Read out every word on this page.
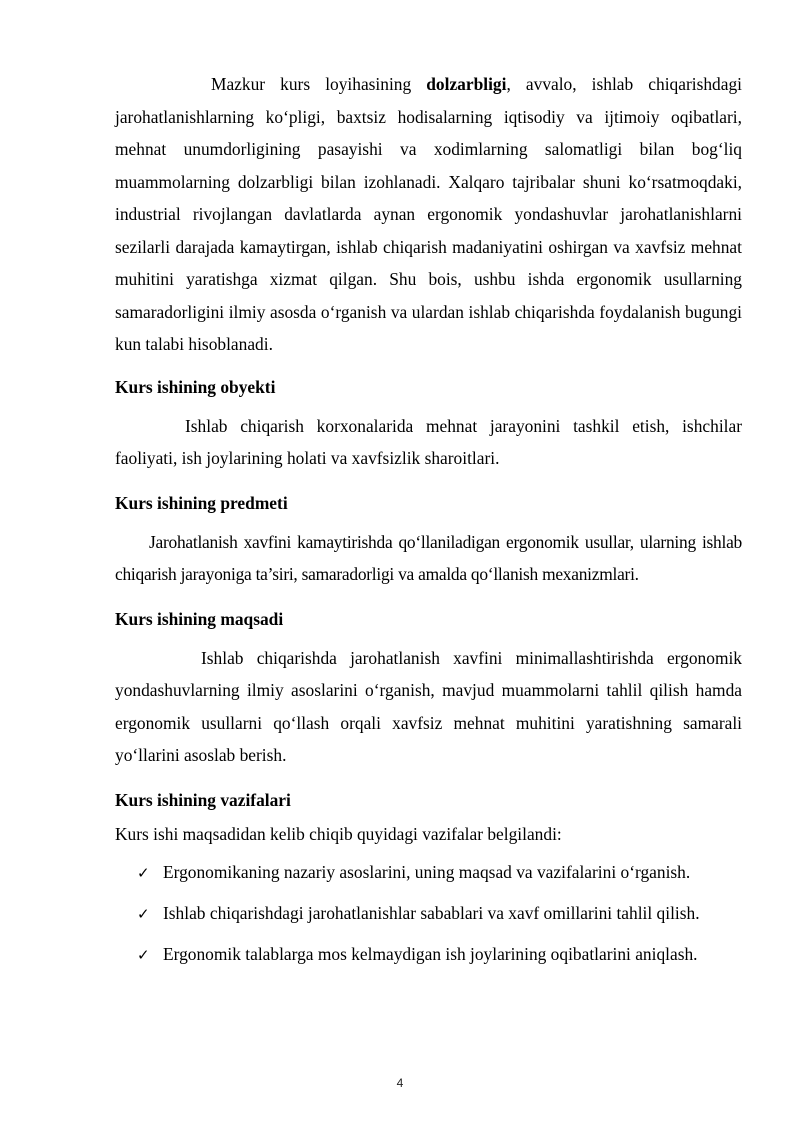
Mazkur kurs loyihasining dolzarbligi, avvalo, ishlab chiqarishdagi jarohatlanishlarning koʻpligi, baxtsiz hodisalarning iqtisodiy va ijtimoiy oqibatlari, mehnat unumdorligining pasayishi va xodimlarning salomatligi bilan bogʻliq muammolarning dolzarbligi bilan izohlanadi. Xalqaro tajribalar shuni koʻrsatmoqdaki, industrial rivojlangan davlatlarda aynan ergonomik yondashuvlar jarohatlanishlarni sezilarli darajada kamaytirgan, ishlab chiqarish madaniyatini oshirgan va xavfsiz mehnat muhitini yaratishga xizmat qilgan. Shu bois, ushbu ishda ergonomik usullarning samaradorligini ilmiy asosda oʻrganish va ulardan ishlab chiqarishda foydalanish bugungi kun talabi hisoblanadi.

Kurs ishining obyekti

Ishlab chiqarish korxonalarida mehnat jarayonini tashkil etish, ishchilar faoliyati, ish joylarining holati va xavfsizlik sharoitlari.

Kurs ishining predmeti

Jarohatlanish xavfini kamaytirishda qoʻllaniladigan ergonomik usullar, ularning ishlab chiqarish jarayoniga ta’siri, samaradorligi va amalda qoʻllanish mexanizmlari.

Kurs ishining maqsadi

Ishlab chiqarishda jarohatlanish xavfini minimallashtirishda ergonomik yondashuvlarning ilmiy asoslarini oʻrganish, mavjud muammolarni tahlil qilish hamda ergonomik usullarni qoʻllash orqali xavfsiz mehnat muhitini yaratishning samarali yoʻllarini asoslab berish.

Kurs ishining vazifalari

Kurs ishi maqsadidan kelib chiqib quyidagi vazifalar belgilandi:

✓ Ergonomikaning nazariy asoslarini, uning maqsad va vazifalarini oʻrganish.
✓ Ishlab chiqarishdagi jarohatlanishlar sabablari va xavf omillarini tahlil qilish.
✓ Ergonomik talablarga mos kelmaydigan ish joylarining oqibatlarini aniqlash.
4
